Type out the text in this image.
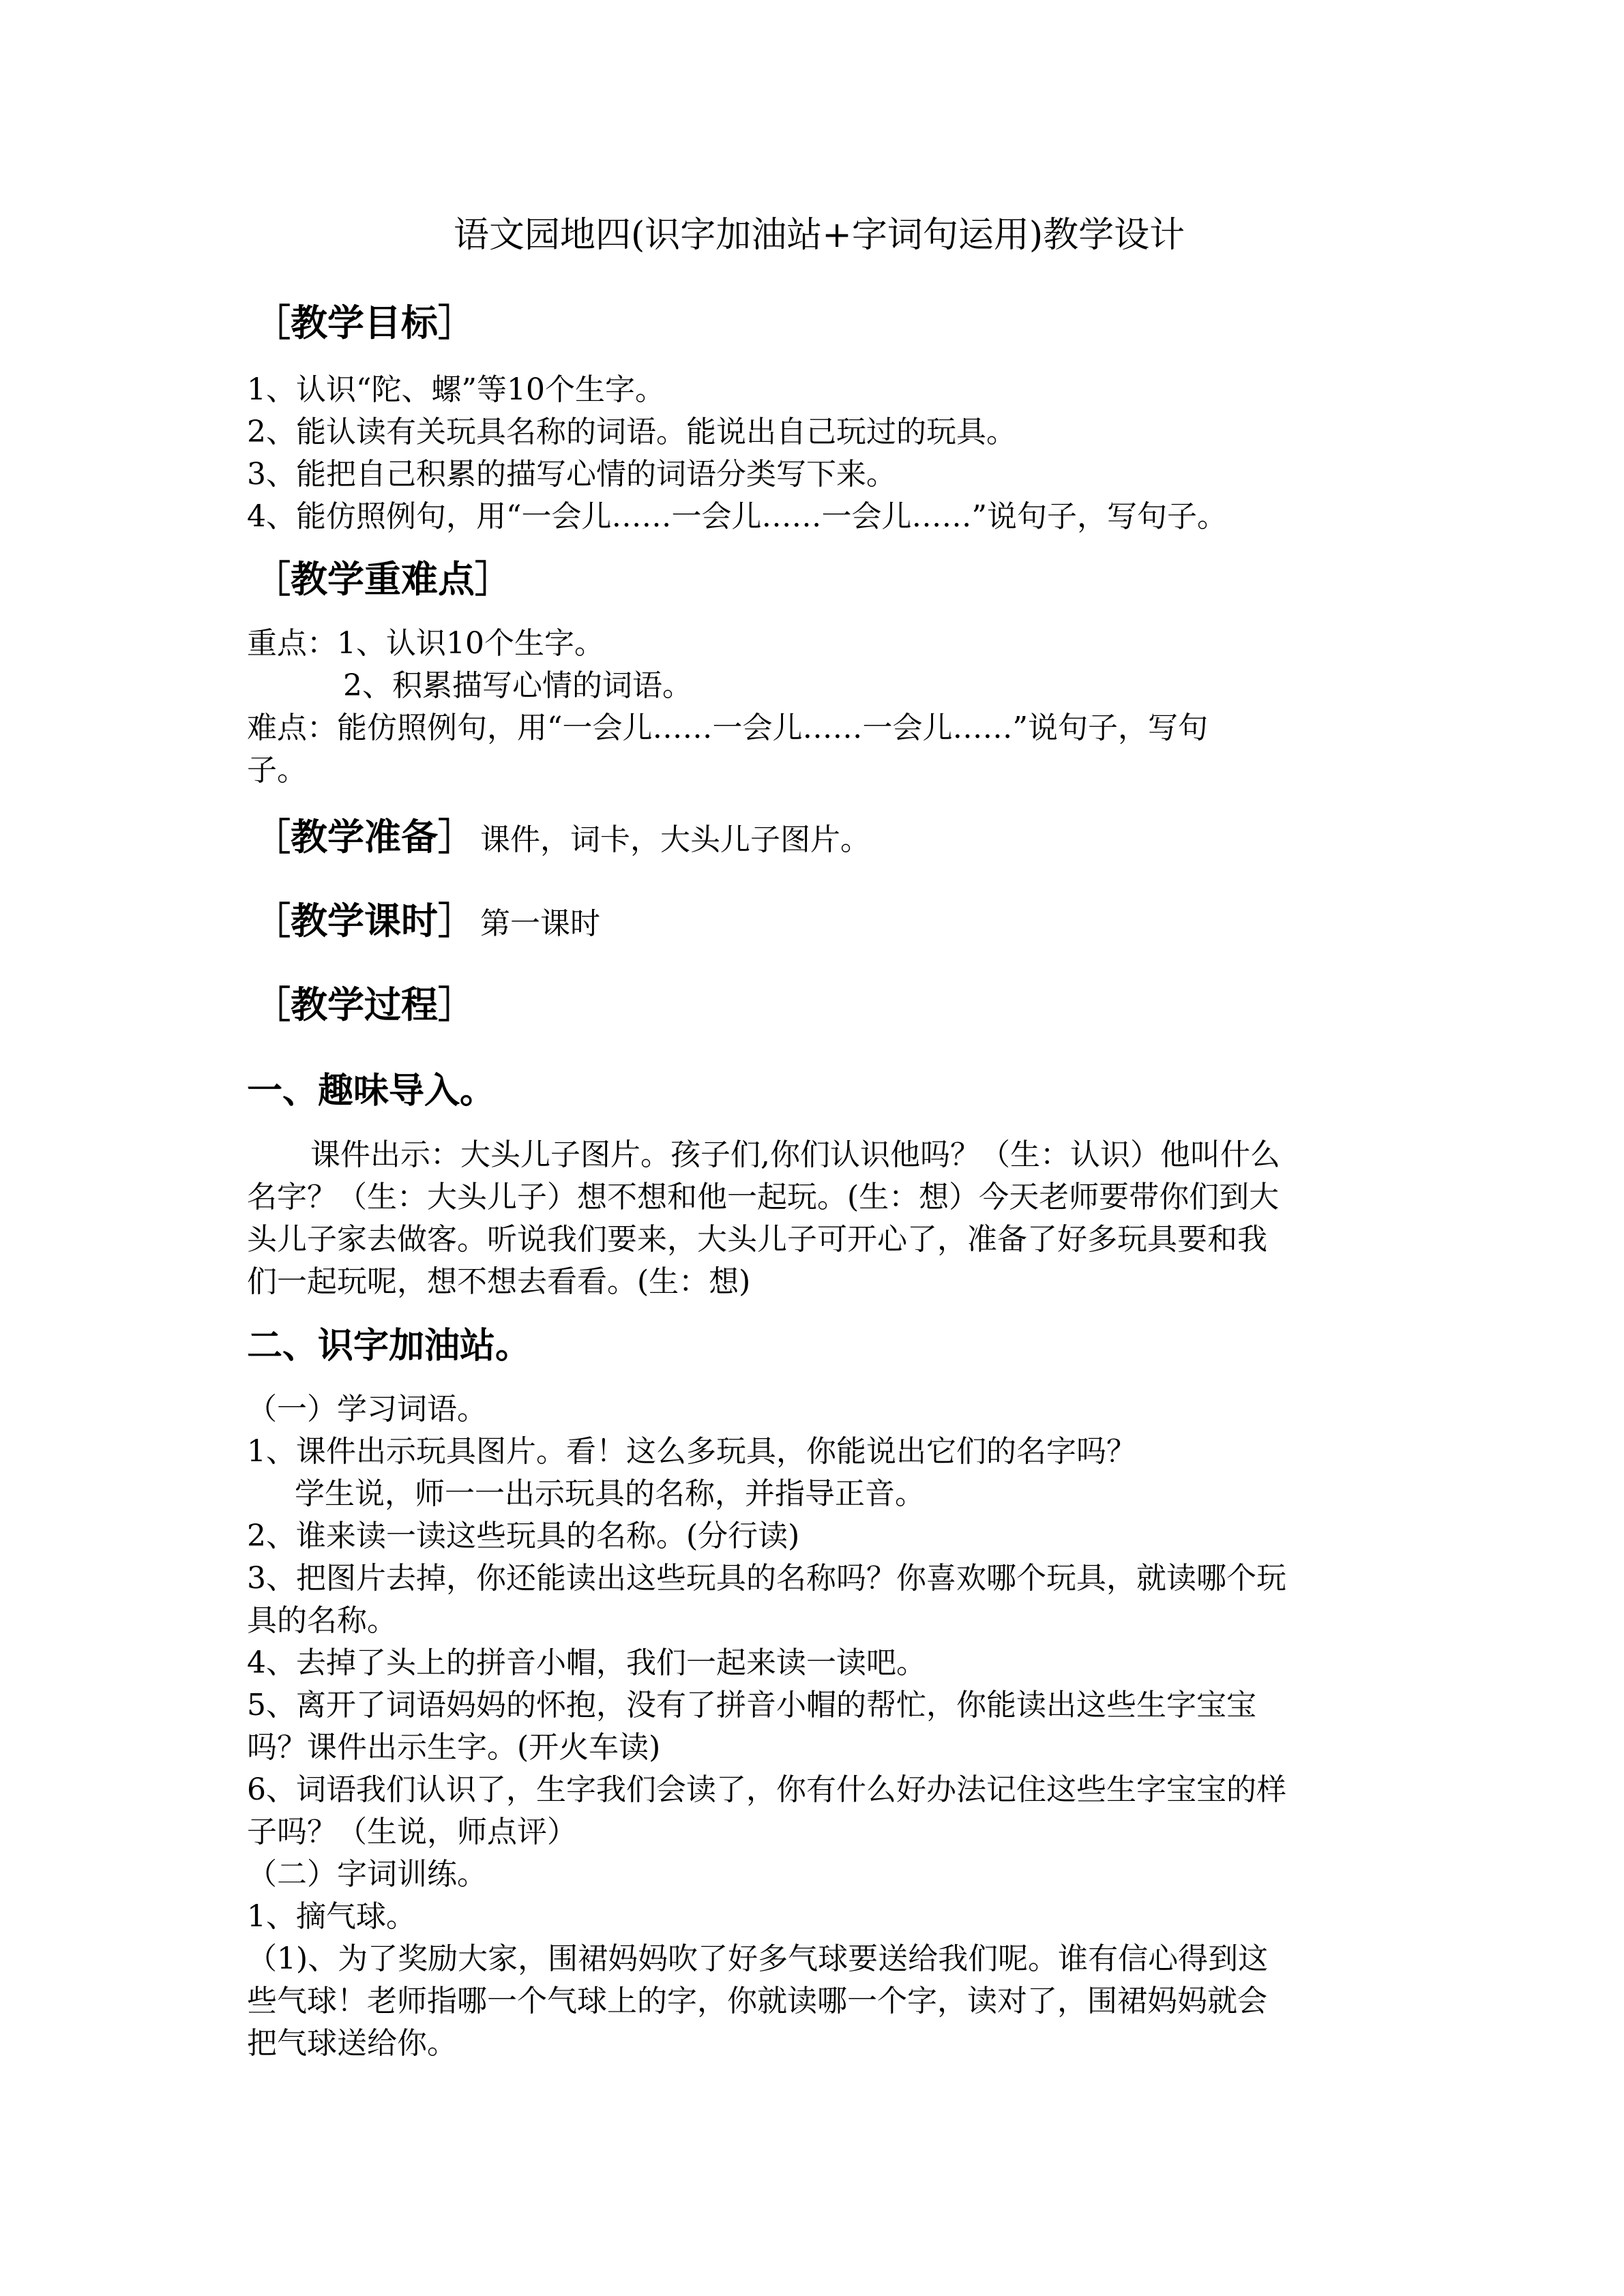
语文园地四(识字加油站+字词句运用)教学设计
［教学目标］
1、认识“陀、螺”等10个生字。
2、能认读有关玩具名称的词语。能说出自己玩过的玩具。
3、能把自己积累的描写心情的词语分类写下来。
4、能仿照例句，用“一会儿……一会儿……一会儿……”说句子，写句子。
［教学重难点］
重点：1、认识10个生字。
2、积累描写心情的词语。
难点：能仿照例句，用“一会儿……一会儿……一会儿……”说句子，写句
子。
［教学准备］ 课件，词卡，大头儿子图片。
［教学课时］ 第一课时
［教学过程］
一、趣味导入。
课件出示：大头儿子图片。孩子们,你们认识他吗？（生：认识）他叫什么
名字？（生：大头儿子）想不想和他一起玩。(生：想）今天老师要带你们到大
头儿子家去做客。听说我们要来，大头儿子可开心了，准备了好多玩具要和我
们一起玩呢，想不想去看看。(生：想)
二、识字加油站。
（一）学习词语。
1、课件出示玩具图片。看！这么多玩具，你能说出它们的名字吗？
学生说，师一一出示玩具的名称，并指导正音。
2、谁来读一读这些玩具的名称。(分行读)
3、把图片去掉，你还能读出这些玩具的名称吗？你喜欢哪个玩具，就读哪个玩
具的名称。
4、去掉了头上的拼音小帽，我们一起来读一读吧。
5、离开了词语妈妈的怀抱，没有了拼音小帽的帮忙，你能读出这些生字宝宝
吗？课件出示生字。(开火车读)
6、词语我们认识了，生字我们会读了，你有什么好办法记住这些生字宝宝的样
子吗？（生说，师点评）
（二）字词训练。
1、摘气球。
（1)、为了奖励大家，围裙妈妈吹了好多气球要送给我们呢。谁有信心得到这
些气球！老师指哪一个气球上的字，你就读哪一个字，读对了，围裙妈妈就会
把气球送给你。
